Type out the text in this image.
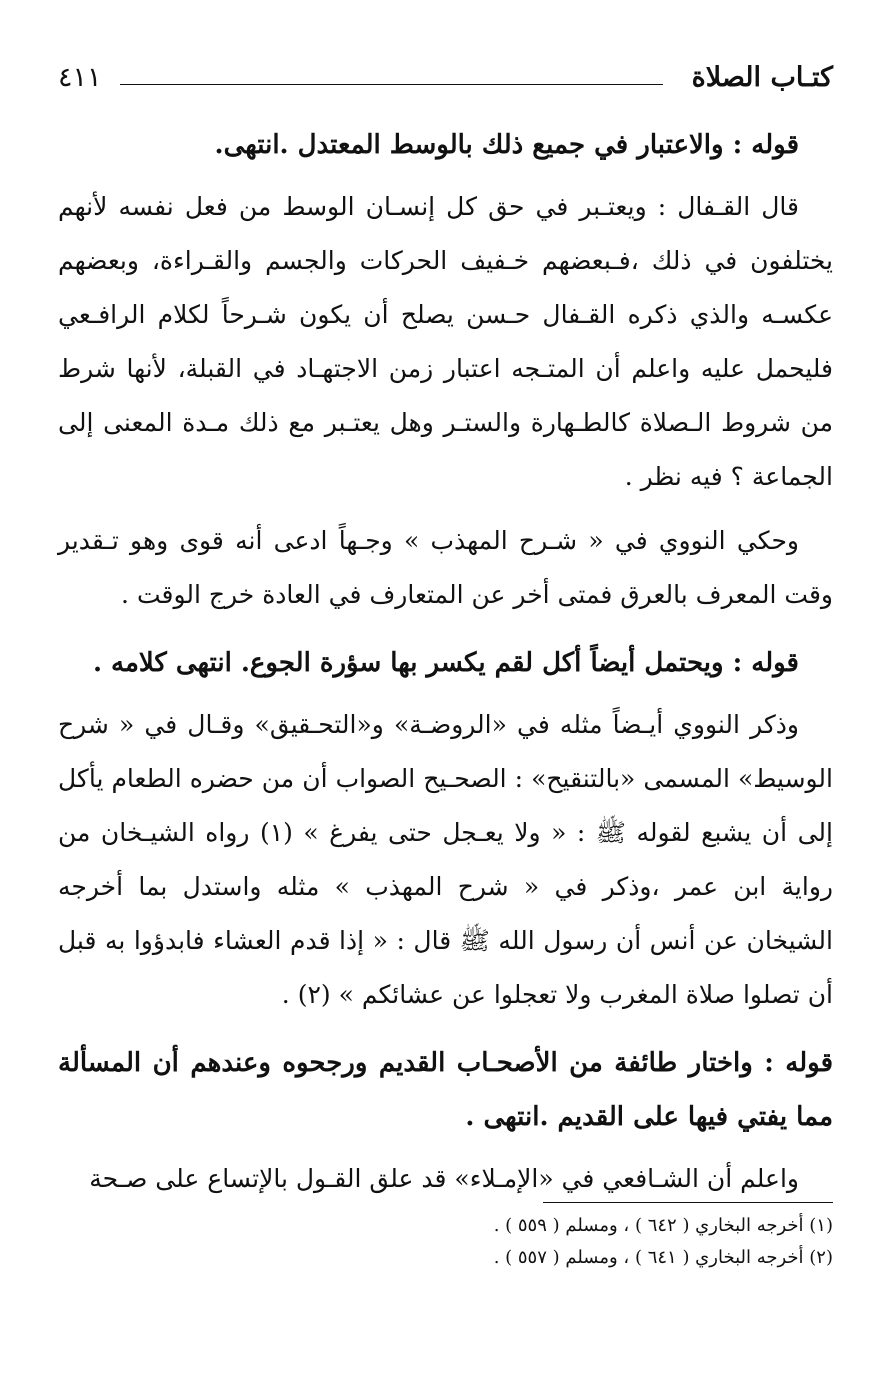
كتـاب الصلاة
٤١١

قوله : والاعتبار في جميع ذلك بالوسط المعتدل .انتهى.

قال القـفال : ويعتـبر في حق كل إنسـان الوسط من فعل نفسه لأنهم يختلفون في ذلك ،فـبعضهم خـفيف الحركات والجسم والقـراءة، وبعضهم عكسـه والذي ذكره القـفال حـسن يصلح أن يكون شـرحاً لكلام الرافـعي فليحمل عليه واعلم أن المتـجه اعتبار زمن الاجتهـاد في القبلة، لأنها شرط من شروط الـصلاة كالطـهارة والستـر وهل يعتـبر مع ذلك مـدة المعنى إلى الجماعة ؟ فيه نظر .

وحكي النووي في « شـرح المهذب » وجـهاً ادعى أنه قوى وهو تـقدير وقت المعرف بالعرق فمتى أخر عن المتعارف في العادة خرج الوقت .

قوله : ويحتمل أيضاً أكل لقم يكسر بها سؤرة الجوع. انتهى كلامه .

وذكر النووي أيـضاً مثله في «الروضـة» و«التحـقيق» وقـال في « شرح الوسيط» المسمى «بالتنقيح» : الصحـيح الصواب أن من حضره الطعام يأكل إلى أن يشبع لقوله ﷺ : « ولا يعـجل حتى يفرغ » (١) رواه الشيـخان من رواية ابن عمر ،وذكر في « شرح المهذب » مثله واستدل بما أخرجه الشيخان عن أنس أن رسول الله ﷺ قال : « إذا قدم العشاء فابدؤوا به قبل أن تصلوا صلاة المغرب ولا تعجلوا عن عشائكم » (٢) .

قوله : واختار طائفة من الأصحـاب القديم ورجحوه وعندهم أن المسألة مما يفتي فيها على القديم .انتهى .

واعلم أن الشـافعي في «الإمـلاء» قد علق القـول بالإتساع على صـحة

(١) أخرجه البخاري ( ٦٤٢ ) ، ومسلم ( ٥٥٩ ) .

(٢) أخرجه البخاري ( ٦٤١ ) ، ومسلم ( ٥٥٧ ) .
